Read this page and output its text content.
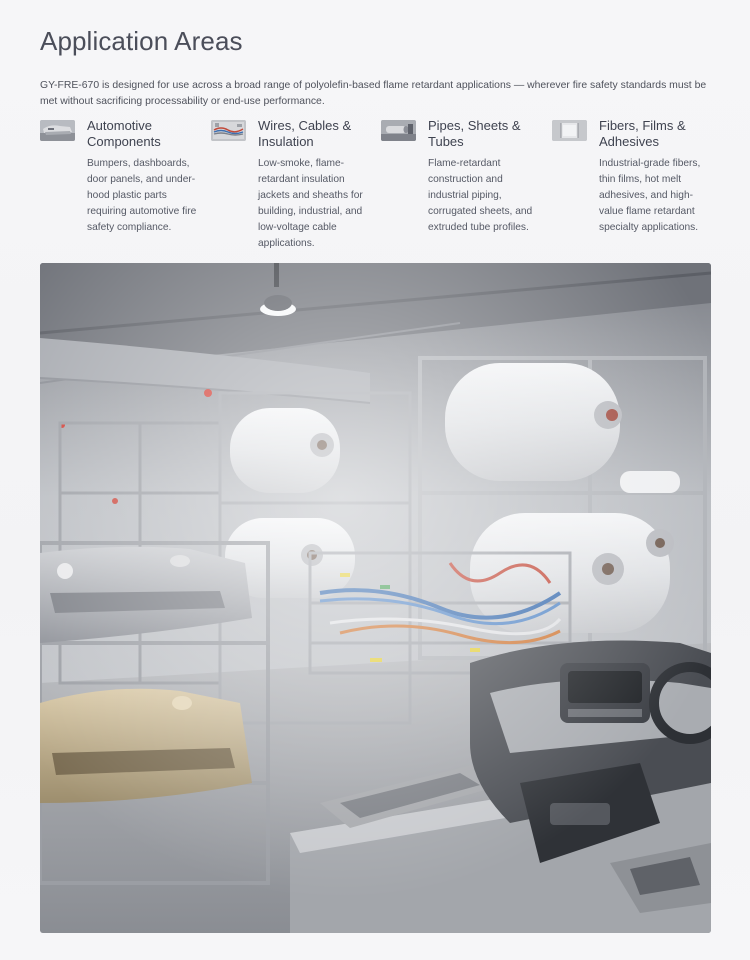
Application Areas

GY-FRE-670 is designed for use across a broad range of polyolefin-based flame retardant applications — wherever fire safety standards must be met without sacrificing processability or end-use performance.

Automotive Components
Bumpers, dashboards, door panels, and under-hood plastic parts requiring automotive fire safety compliance.
Wires, Cables & Insulation
Low-smoke, flame-retardant insulation jackets and sheaths for building, industrial, and low-voltage cable applications.
Pipes, Sheets & Tubes
Flame-retardant construction and industrial piping, corrugated sheets, and extruded tube profiles.
Fibers, Films & Adhesives
Industrial-grade fibers, thin films, hot melt adhesives, and high-value flame retardant specialty applications.
